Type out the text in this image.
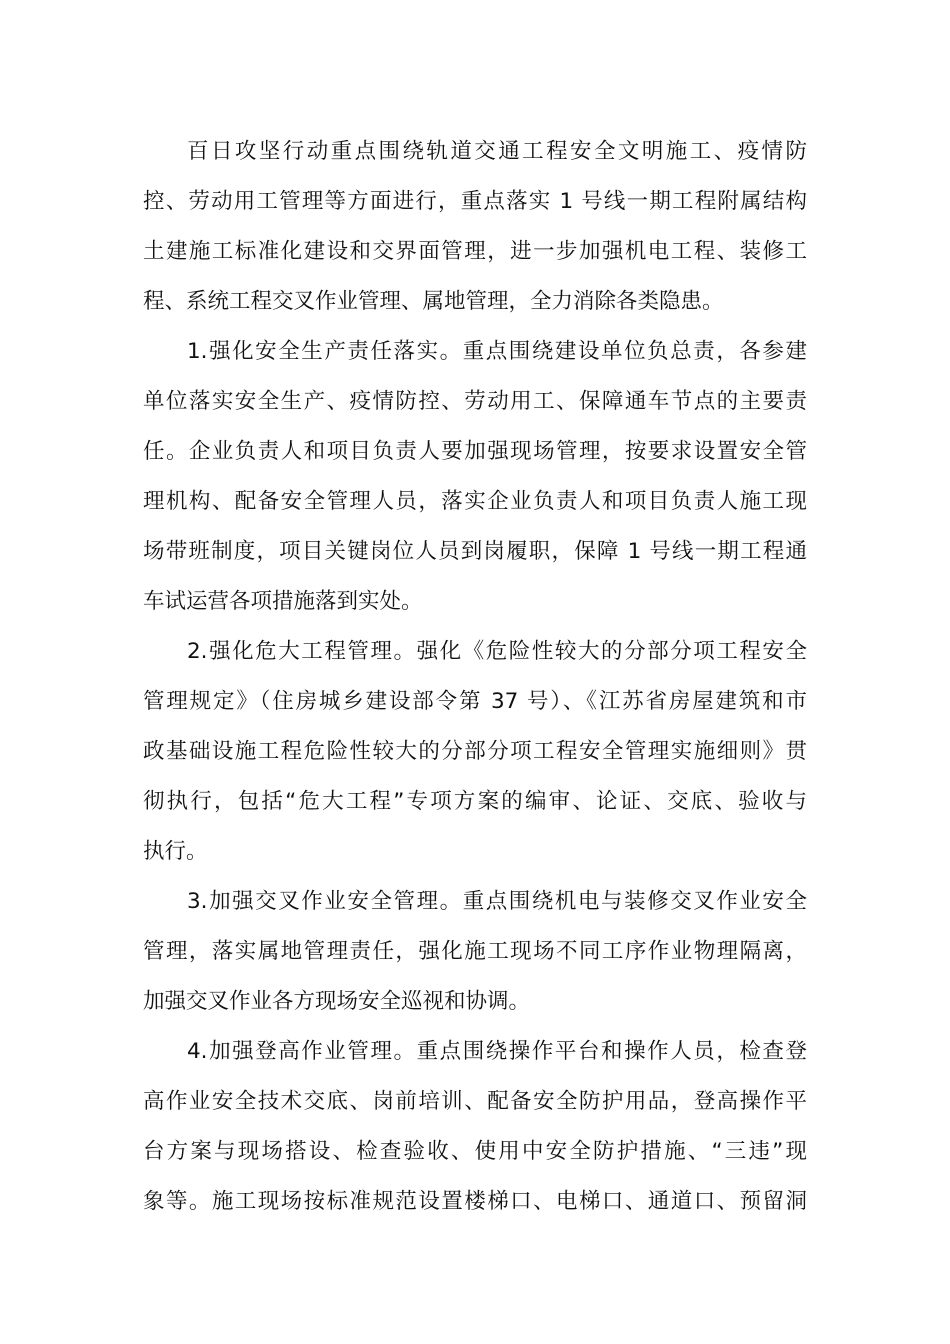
百日攻坚行动重点围绕轨道交通工程安全文明施工、疫情防
控、劳动用工管理等方面进行，重点落实 1 号线一期工程附属结构
土建施工标准化建设和交界面管理，进一步加强机电工程、装修工
程、系统工程交叉作业管理、属地管理，全力消除各类隐患。
1.强化安全生产责任落实。重点围绕建设单位负总责，各参建
单位落实安全生产、疫情防控、劳动用工、保障通车节点的主要责
任。企业负责人和项目负责人要加强现场管理，按要求设置安全管
理机构、配备安全管理人员，落实企业负责人和项目负责人施工现
场带班制度，项目关键岗位人员到岗履职，保障 1 号线一期工程通
车试运营各项措施落到实处。
2.强化危大工程管理。强化《危险性较大的分部分项工程安全
管理规定》（住房城乡建设部令第 37 号）、《江苏省房屋建筑和市
政基础设施工程危险性较大的分部分项工程安全管理实施细则》贯
彻执行，包括“危大工程”专项方案的编审、论证、交底、验收与
执行。
3.加强交叉作业安全管理。重点围绕机电与装修交叉作业安全
管理，落实属地管理责任，强化施工现场不同工序作业物理隔离，
加强交叉作业各方现场安全巡视和协调。
4.加强登高作业管理。重点围绕操作平台和操作人员，检查登
高作业安全技术交底、岗前培训、配备安全防护用品，登高操作平
台方案与现场搭设、检查验收、使用中安全防护措施、“三违”现
象等。施工现场按标准规范设置楼梯口、电梯口、通道口、预留洞
